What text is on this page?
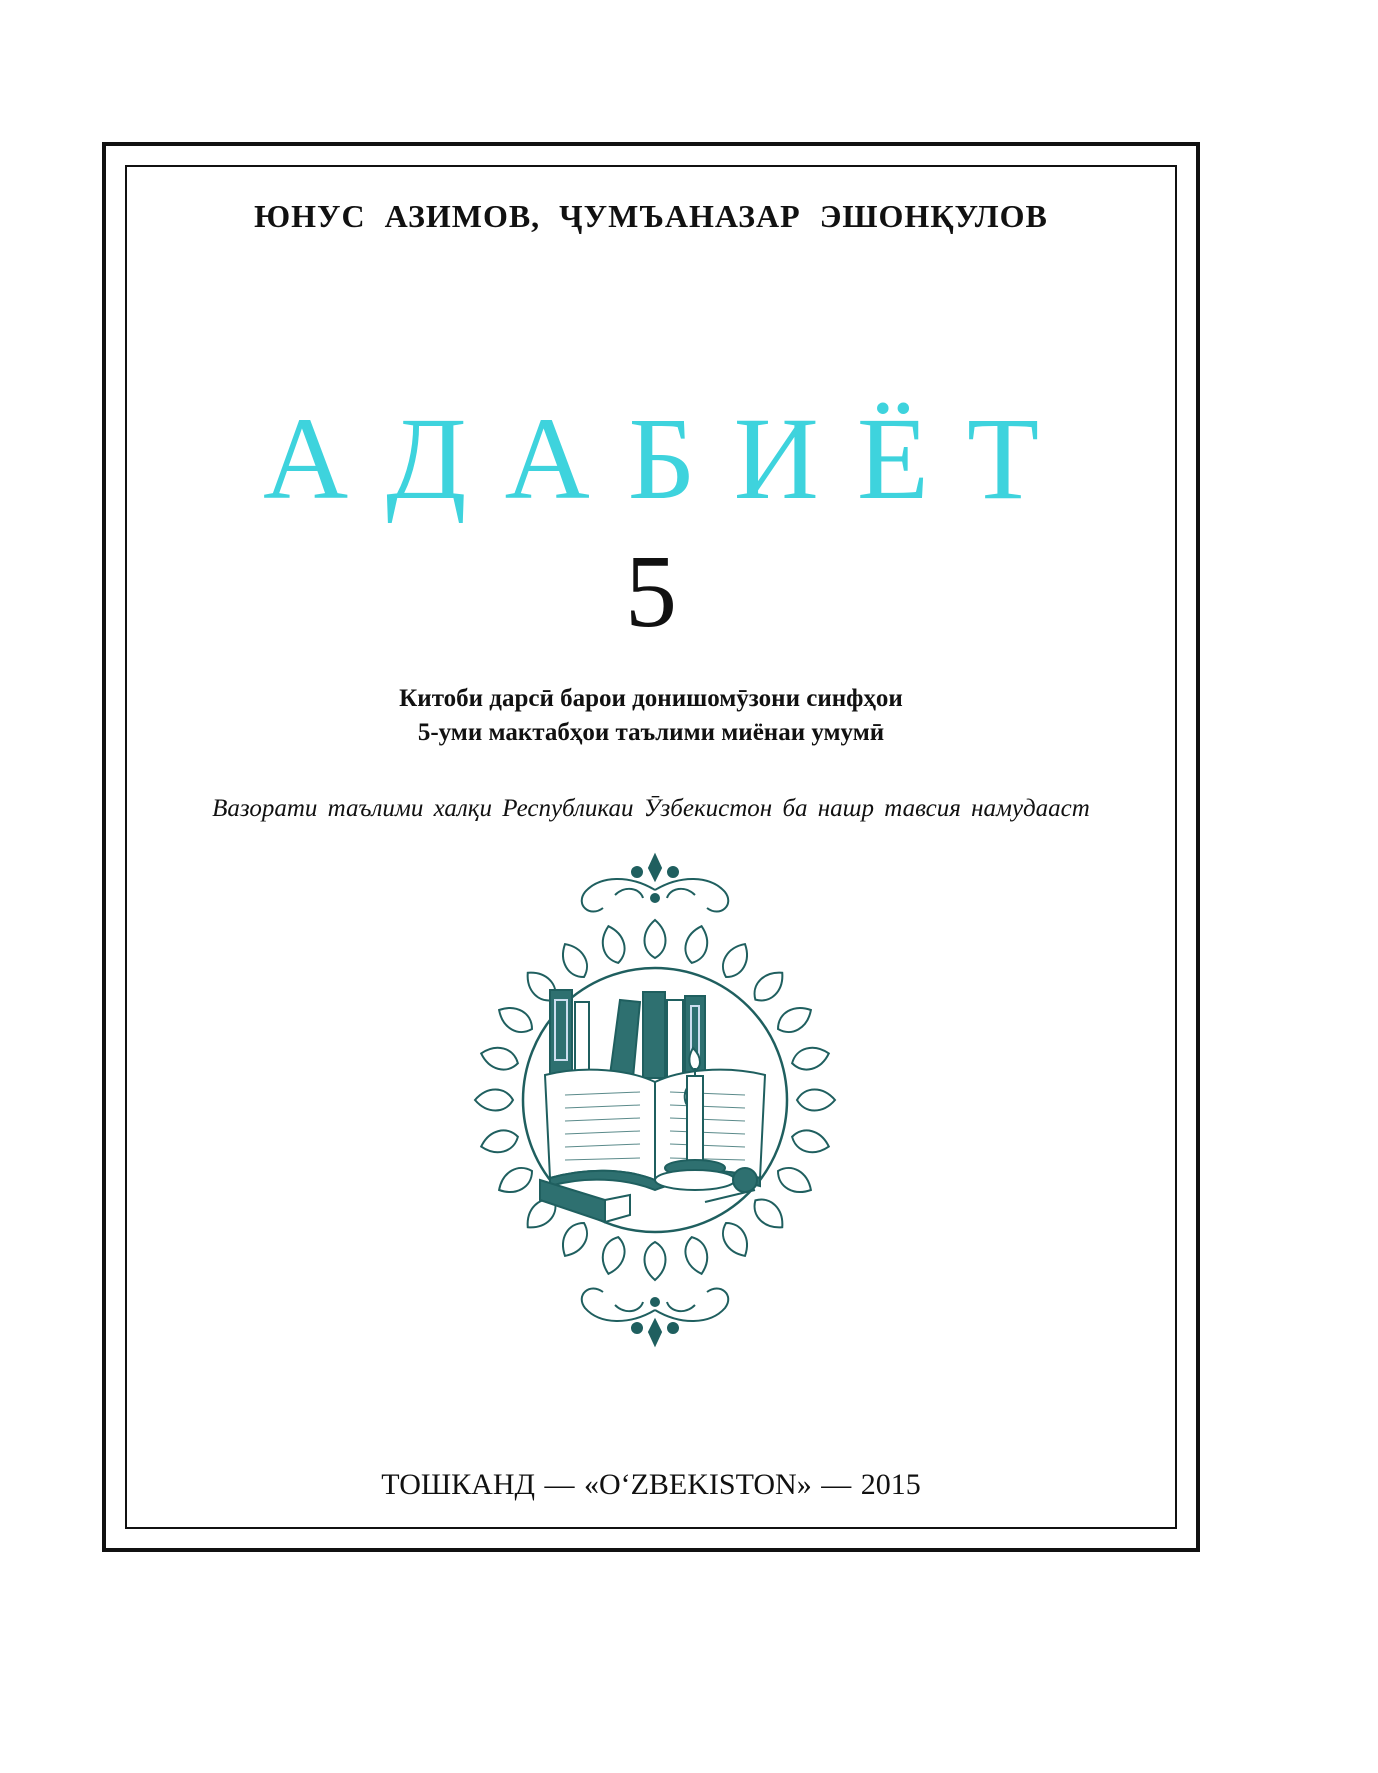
ЮНУС АЗИМОВ, ҶУМЪАНАЗАР ЭШОНҚУЛОВ
АДАБИЁТ
5
Китоби дарсӣ барои донишомӯзони синфҳои
5-уми мактабҳои таълими миёнаи умумӣ
Вазорати таълими халқи Республикаи Ӯзбекистон ба нашр тавсия намудааст
ТОШКАНД — «O‘ZBEKISTON» — 2015
